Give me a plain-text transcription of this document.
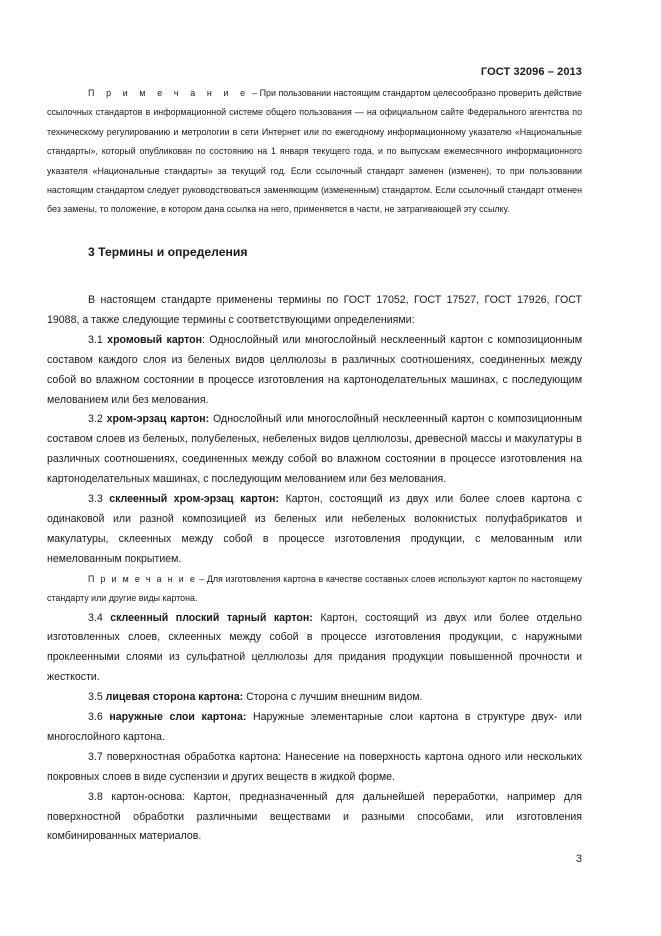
ГОСТ 32096 – 2013

П р и м е ч а н и е – При пользовании настоящим стандартом целесообразно проверить действие ссылочных стандартов в информационной системе общего пользования — на официальном сайте Федерального агентства по техническому регулированию и метрологии в сети Интернет или по ежегодному информационному указателю «Национальные стандарты», который опубликован по состоянию на 1 января текущего года, и по выпускам ежемесячного информационного указателя «Национальные стандарты» за текущий год. Если ссылочный стандарт заменен (изменен), то при пользовании настоящим стандартом следует руководствоваться заменяющим (измененным) стандартом. Если ссылочный стандарт отменен без замены, то положение, в котором дана ссылка на него, применяется в части, не затрагивающей эту ссылку.

3 Термины и определения

В настоящем стандарте применены термины по ГОСТ 17052, ГОСТ 17527, ГОСТ 17926, ГОСТ 19088, а также следующие термины с соответствующими определениями:

3.1 хромовый картон: Однослойный или многослойный несклеенный картон с композиционным составом каждого слоя из беленых видов целлюлозы в различных соотношениях, соединенных между собой во влажном состоянии в процессе изготовления на картоноделательных машинах, с последующим мелованием или без мелования.

3.2 хром-эрзац картон: Однослойный или многослойный несклеенный картон с композиционным составом слоев из беленых, полубеленых, небеленых видов целлюлозы, древесной массы и макулатуры в различных соотношениях, соединенных между собой во влажном состоянии в процессе изготовления на картоноделательных машинах, с последующим мелованием или без мелования.

3.3 склеенный хром-эрзац картон: Картон, состоящий из двух или более слоев картона с одинаковой или разной композицией из беленых или небеленых волокнистых полуфабрикатов и макулатуры, склеенных между собой в процессе изготовления продукции, с мелованным или немелованным покрытием.

П р и м е ч а н и е – Для изготовления картона в качестве составных слоев используют картон по настоящему стандарту или другие виды картона.

3.4 склеенный плоский тарный картон: Картон, состоящий из двух или более отдельно изготовленных слоев, склеенных между собой в процессе изготовления продукции, с наружными проклеенными слоями из сульфатной целлюлозы для придания продукции повышенной прочности и жесткости.

3.5 лицевая сторона картона: Сторона с лучшим внешним видом.

3.6 наружные слои картона: Наружные элементарные слои картона в структуре двух- или многослойного картона.

3.7 поверхностная обработка картона: Нанесение на поверхность картона одного или нескольких покровных слоев в виде суспензии и других веществ в жидкой форме.

3.8 картон-основа: Картон, предназначенный для дальнейшей переработки, например для поверхностной обработки различными веществами и разными способами, или изготовления комбинированных материалов.

3
